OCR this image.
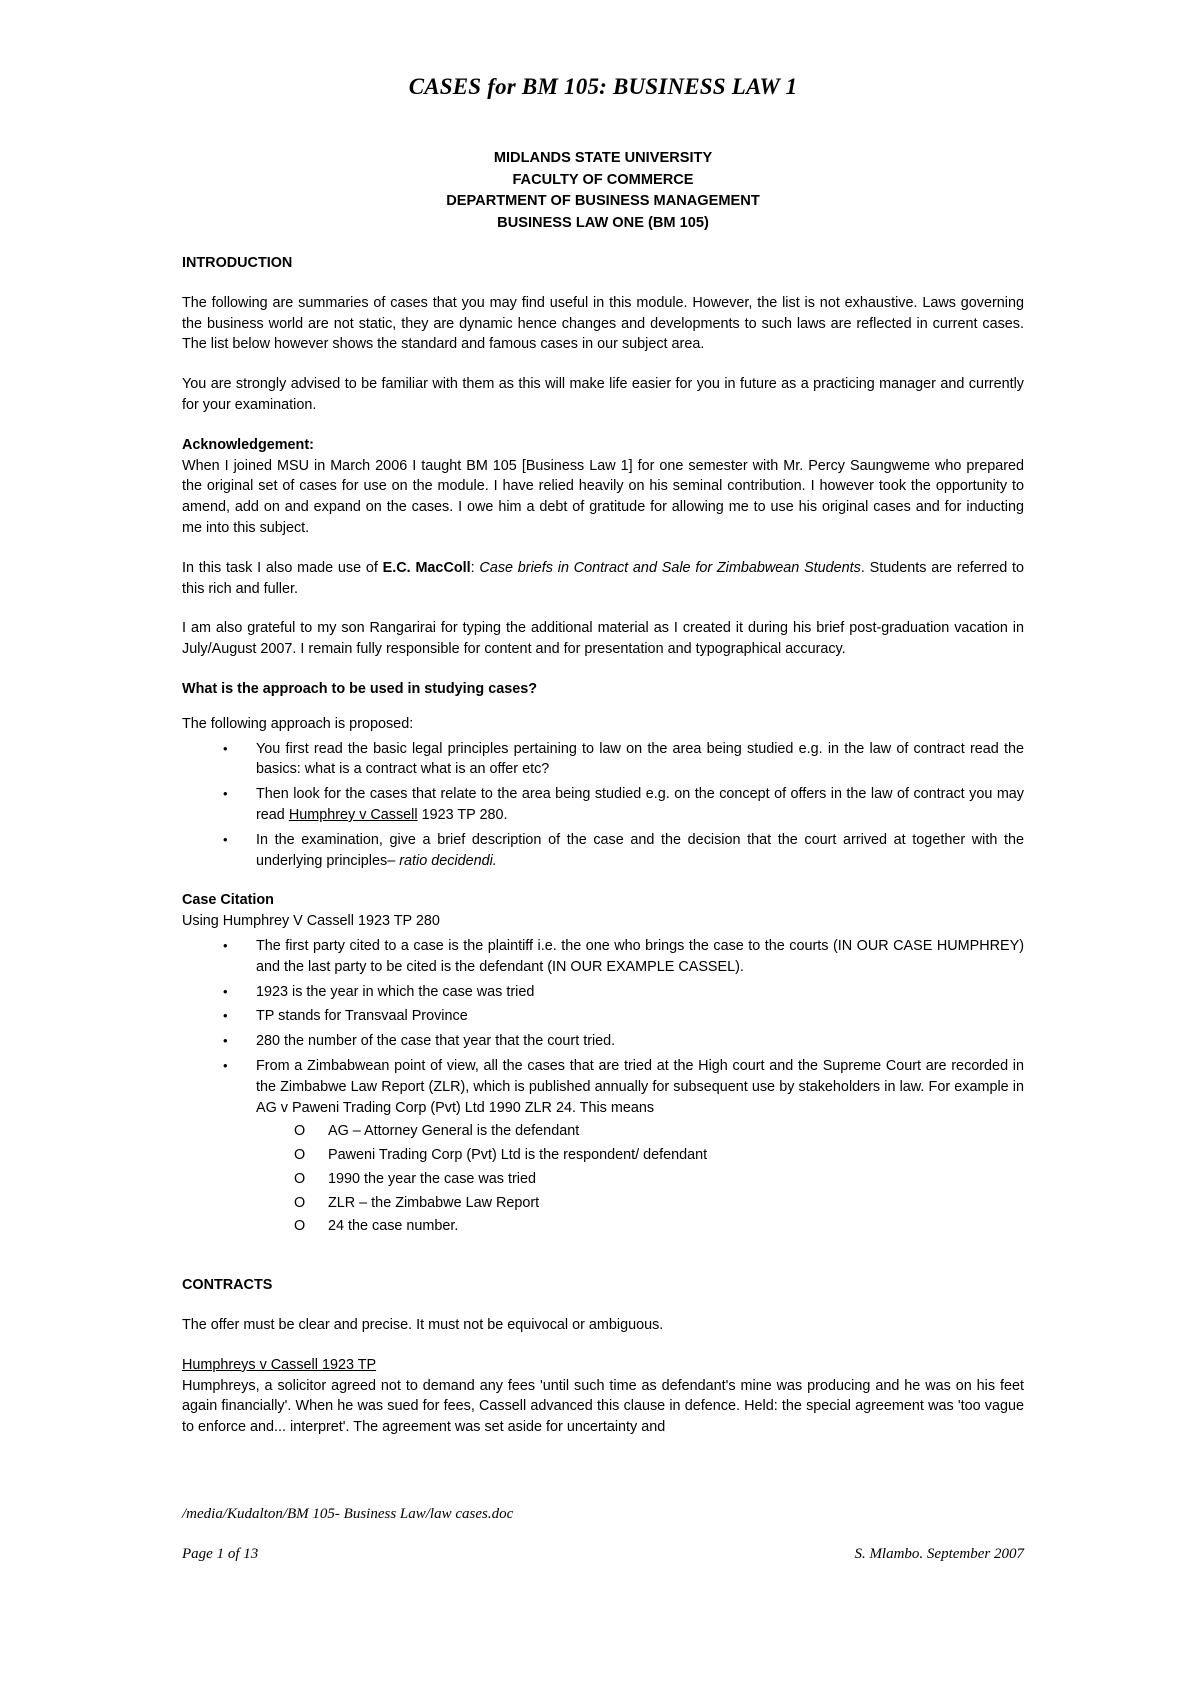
CASES for BM 105: BUSINESS LAW 1
MIDLANDS STATE UNIVERSITY
FACULTY OF COMMERCE
DEPARTMENT OF BUSINESS MANAGEMENT
BUSINESS LAW ONE (BM 105)

INTRODUCTION

The following are summaries of cases that you may find useful in this module. However, the list is not exhaustive. Laws governing the business world are not static, they are dynamic hence changes and developments to such laws are reflected in current cases. The list below however shows the standard and famous cases in our subject area.

You are strongly advised to be familiar with them as this will make life easier for you in future as a practicing manager and currently for your examination.

Acknowledgement:

When I joined MSU in March 2006 I taught BM 105 [Business Law 1] for one semester with Mr. Percy Saungweme who prepared the original set of cases for use on the module. I have relied heavily on his seminal contribution. I however took the opportunity to amend, add on and expand on the cases. I owe him a debt of gratitude for allowing me to use his original cases and for inducting me into this subject.

In this task I also made use of E.C. MacColl: Case briefs in Contract and Sale for Zimbabwean Students. Students are referred to this rich and fuller.

I am also grateful to my son Rangarirai for typing the additional material as I created it during his brief post-graduation vacation in July/August 2007. I remain fully responsible for content and for presentation and typographical accuracy.

What is the approach to be used in studying cases?

The following approach is proposed:

• You first read the basic legal principles pertaining to law on the area being studied e.g. in the law of contract read the basics: what is a contract what is an offer etc?
• Then look for the cases that relate to the area being studied e.g. on the concept of offers in the law of contract you may read Humphrey v Cassell 1923 TP 280.
• In the examination, give a brief description of the case and the decision that the court arrived at together with the underlying principles– ratio decidendi.

Case Citation

Using Humphrey V Cassell 1923 TP 280

• The first party cited to a case is the plaintiff i.e. the one who brings the case to the courts (IN OUR CASE HUMPHREY) and the last party to be cited is the defendant (IN OUR EXAMPLE CASSEL).
• 1923 is the year in which the case was tried
• TP stands for Transvaal Province
• 280 the number of the case that year that the court tried.
• From a Zimbabwean point of view, all the cases that are tried at the High court and the Supreme Court are recorded in the Zimbabwe Law Report (ZLR), which is published annually for subsequent use by stakeholders in law. For example in AG v Paweni Trading Corp (Pvt) Ltd 1990 ZLR 24. This means
O AG – Attorney General is the defendant
O Paweni Trading Corp (Pvt) Ltd is the respondent/ defendant
O 1990 the year the case was tried
O ZLR – the Zimbabwe Law Report
O 24 the case number.

CONTRACTS

The offer must be clear and precise. It must not be equivocal or ambiguous.

Humphreys v Cassell 1923 TP

Humphreys, a solicitor agreed not to demand any fees 'until such time as defendant's mine was producing and he was on his feet again financially'. When he was sued for fees, Cassell advanced this clause in defence. Held: the special agreement was 'too vague to enforce and... interpret'. The agreement was set aside for uncertainty and

/media/Kudalton/BM 105- Business Law/law cases.doc
Page 1 of 13	S. Mlambo. September 2007
